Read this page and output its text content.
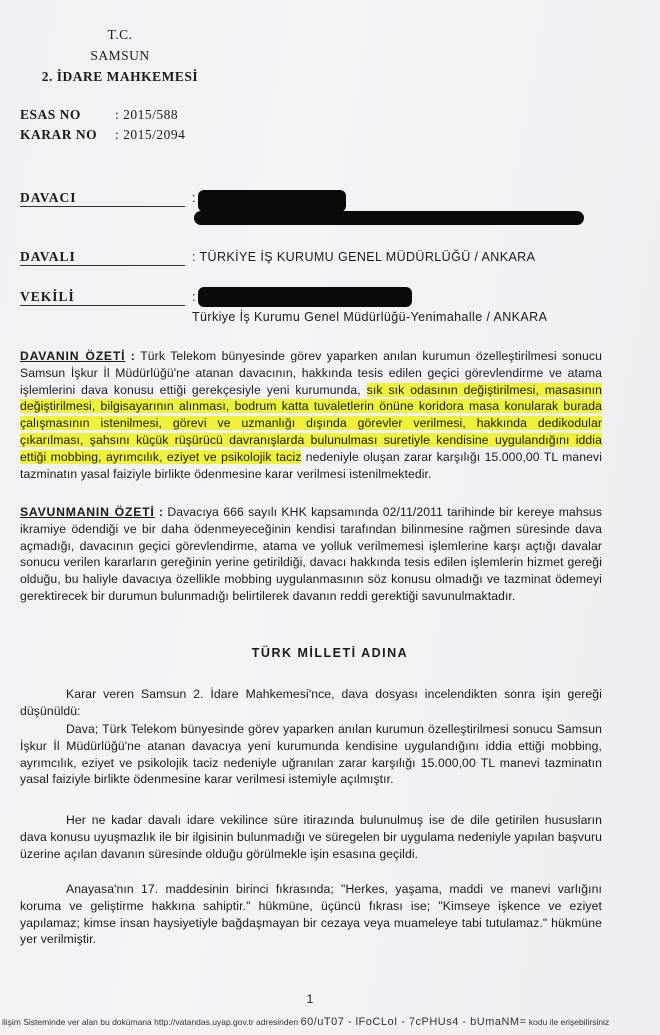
T.C.
SAMSUN
2. İDARE MAHKEMESİ
ESAS NO	: 2015/588
KARAR NO : 2015/2094
DAVACI	:
DAVALI	: TÜRKİYE İŞ KURUMU GENEL MÜDÜRLÜĞÜ / ANKARA
VEKİLİ	:
Türkiye İş Kurumu Genel Müdürlüğü-Yenimahalle / ANKARA
DAVANIN ÖZETİ : Türk Telekom bünyesinde görev yaparken anılan kurumun özelleştirilmesi sonucu Samsun İşkur İl Müdürlüğü'ne atanan davacının, hakkında tesis edilen geçici görevlendirme ve atama işlemlerini dava konusu ettiği gerekçesiyle yeni kurumunda, sık sık odasının değiştirilmesi, masasının değiştirilmesi, bilgisayarının alınması, bodrum katta tuvaletlerin önüne koridora masa konularak burada çalışmasının istenilmesi, görevi ve uzmanlığı dışında görevler verilmesi, hakkında dedikodular çıkarılması, şahsını küçük rüşürücü davranışlarda bulunulması suretiyle kendisine uygulandığını iddia ettiği mobbing, ayrımcılık, eziyet ve psikolojik taciz nedeniyle oluşan zarar karşılığı 15.000,00 TL manevi tazminatın yasal faiziyle birlikte ödenmesine karar verilmesi istenilmektedir.
SAVUNMANIN ÖZETİ : Davacıya 666 sayılı KHK kapsamında 02/11/2011 tarihinde bir kereye mahsus ikramiye ödendiği ve bir daha ödenmeyeceğinin kendisi tarafından bilinmesine rağmen süresinde dava açmadığı, davacının geçici görevlendirme, atama ve yolluk verilmemesi işlemlerine karşı açtığı davalar sonucu verilen kararların gereğinin yerine getirildiği, davacı hakkında tesis edilen işlemlerin hizmet gereği olduğu, bu haliyle davacıya özellikle mobbing uygulanmasının söz konusu olmadığı ve tazminat ödemeyi gerektirecek bir durumun bulunmadığı belirtilerek davanın reddi gerektiği savunulmaktadır.
TÜRK MİLLETİ ADINA
Karar veren Samsun 2. İdare Mahkemesi'nce, dava dosyası incelendikten sonra işin gereği düşünüldü:
Dava; Türk Telekom bünyesinde görev yaparken anılan kurumun özelleştirilmesi sonucu Samsun İşkur İl Müdürlüğü'ne atanan davacıya yeni kurumunda kendisine uygulandığını iddia ettiği mobbing, ayrımcılık, eziyet ve psikolojik taciz nedeniyle uğranılan zarar karşılığı 15.000,00 TL manevi tazminatın yasal faiziyle birlikte ödenmesine karar verilmesi istemiyle açılmıştır.
Her ne kadar davalı idare vekilince süre itirazında bulunulmuş ise de dile getirilen hususların dava konusu uyuşmazlık ile bir ilgisinin bulunmadığı ve süregelen bir uygulama nedeniyle yapılan başvuru üzerine açılan davanın süresinde olduğu görülmekle işin esasına geçildi.
Anayasa'nın 17. maddesinin birinci fıkrasında; "Herkes, yaşama, maddi ve manevi varlığını koruma ve geliştirme hakkına sahiptir." hükmüne, üçüncü fıkrası ise; "Kimseye işkence ve eziyet yapılamaz; kimse insan haysiyetiyle bağdaşmayan bir cezaya veya muameleye tabi tutulamaz." hükmüne yer verilmiştir.
1
ilişim Sisteminde ver alan bu dokümana http://vatandas.uyap.gov.tr adresinden 60/uT07 - lFoCLoI - 7cPHUs4 - bUmaNM= kodu ile erişebilirsiniz
